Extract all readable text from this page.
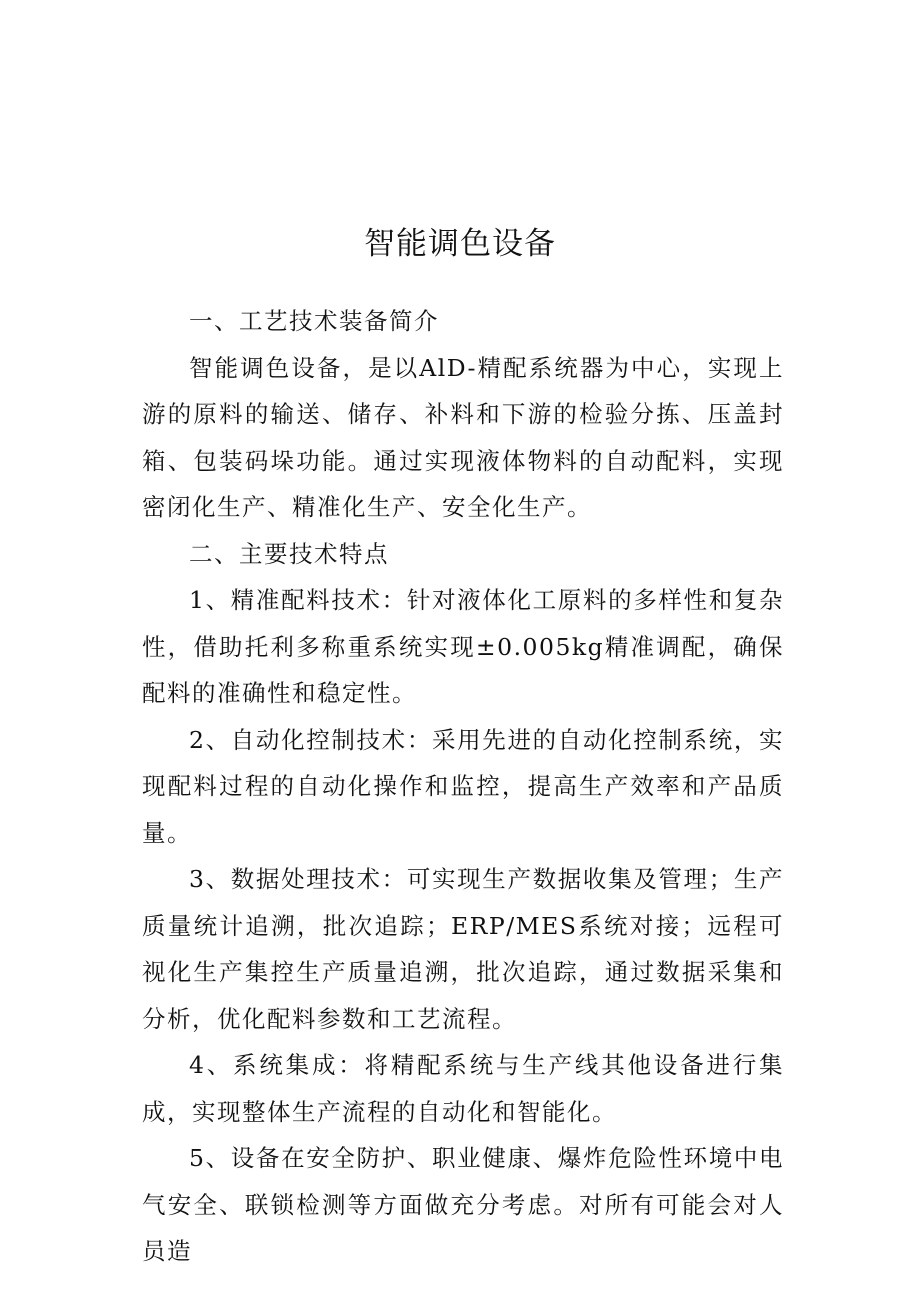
智能调色设备

一、工艺技术装备简介

智能调色设备，是以AlD-精配系统器为中心，实现上游的原料的输送、储存、补料和下游的检验分拣、压盖封箱、包装码垛功能。通过实现液体物料的自动配料，实现密闭化生产、精准化生产、安全化生产。

二、主要技术特点

1、精准配料技术：针对液体化工原料的多样性和复杂性，借助托利多称重系统实现±0.005kg精准调配，确保配料的准确性和稳定性。

2、自动化控制技术：采用先进的自动化控制系统，实现配料过程的自动化操作和监控，提高生产效率和产品质量。

3、数据处理技术：可实现生产数据收集及管理；生产质量统计追溯，批次追踪；ERP/MES系统对接；远程可视化生产集控生产质量追溯，批次追踪，通过数据采集和分析，优化配料参数和工艺流程。

4、系统集成：将精配系统与生产线其他设备进行集成，实现整体生产流程的自动化和智能化。

5、设备在安全防护、职业健康、爆炸危险性环境中电气安全、联锁检测等方面做充分考虑。对所有可能会对人员造
